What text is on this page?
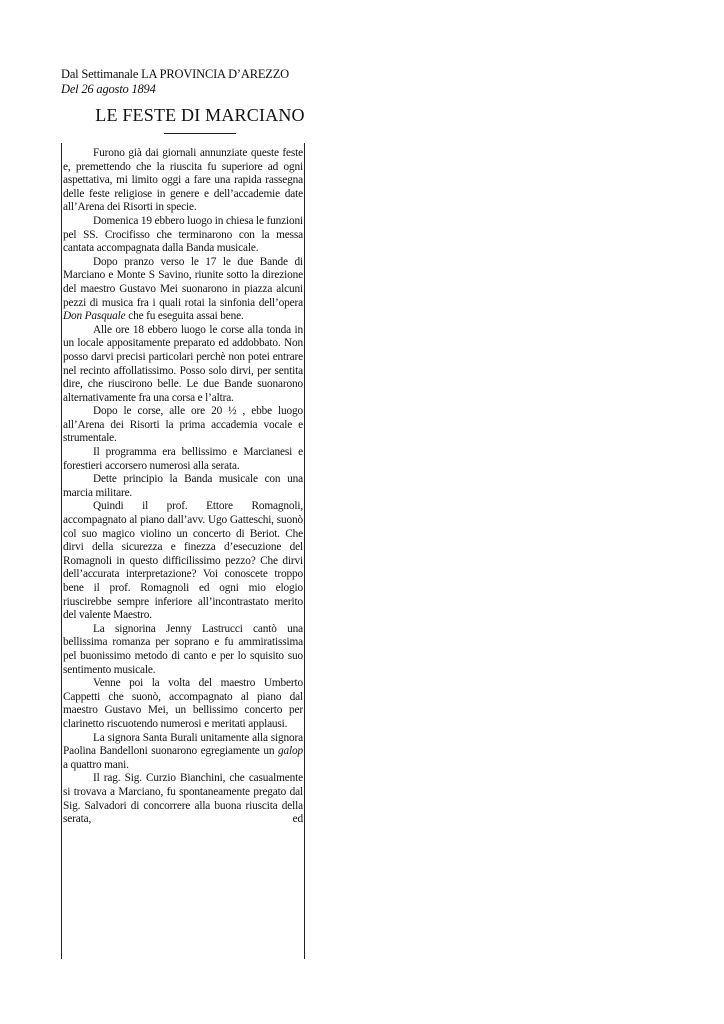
Dal Settimanale LA PROVINCIA D’AREZZO
Del 26 agosto 1894
LE FESTE DI MARCIANO

Furono già dai giornali annunziate queste feste e, premettendo che la riuscita fu superiore ad ogni aspettativa, mi limito oggi a fare una rapida rassegna delle feste religiose in genere e dell’accademie date all’Arena dei Risorti in specie.

Domenica 19 ebbero luogo in chiesa le funzioni pel SS. Crocifisso che terminarono con la messa cantata accompagnata dalla Banda musicale.

Dopo pranzo verso le 17 le due Bande di Marciano e Monte S Savino, riunite sotto la direzione del maestro Gustavo Mei suonarono in piazza alcuni pezzi di musica fra i quali rotai la sinfonia dell’opera Don Pasquale che fu eseguita assai bene.

Alle ore 18 ebbero luogo le corse alla tonda in un locale appositamente preparato ed addobbato. Non posso darvi precisi particolari perchè non potei entrare nel recinto affollatissimo. Posso solo dirvi, per sentita dire, che riuscirono belle. Le due Bande suonarono alternativamente fra una corsa e l’altra.

Dopo le corse, alle ore 20 ½ , ebbe luogo all’Arena dei Risorti la prima accademia vocale e strumentale.

Il programma era bellissimo e Marcianesi e forestieri accorsero numerosi alla serata.

Dette principio la Banda musicale con una marcia militare.

Quindi il prof. Ettore Romagnoli, accompagnato al piano dall’avv. Ugo Gatteschi, suonò col suo magico violino un concerto di Beriot. Che dirvi della sicurezza e finezza d’esecuzione del Romagnoli in questo difficilissimo pezzo? Che dirvi dell’accurata interpretazione? Voi conoscete troppo bene il prof. Romagnoli ed ogni mio elogio riuscirebbe sempre inferiore all’incontrastato merito del valente Maestro.

La signorina Jenny Lastrucci cantò una bellissima romanza per soprano e fu ammiratissima pel buonissimo metodo di canto e per lo squisito suo sentimento musicale.

Venne poi la volta del maestro Umberto Cappetti che suonò, accompagnato al piano dal maestro Gustavo Mei, un bellissimo concerto per clarinetto riscuotendo numerosi e meritati applausi.

La signora Santa Burali unitamente alla signora Paolina Bandelloni suonarono egregiamente un galop a quattro mani.

Il rag. Sig. Curzio Bianchini, che casualmente si trovava a Marciano, fu spontaneamente pregato dal Sig. Salvadori di concorrere alla buona riuscita della serata, ed
